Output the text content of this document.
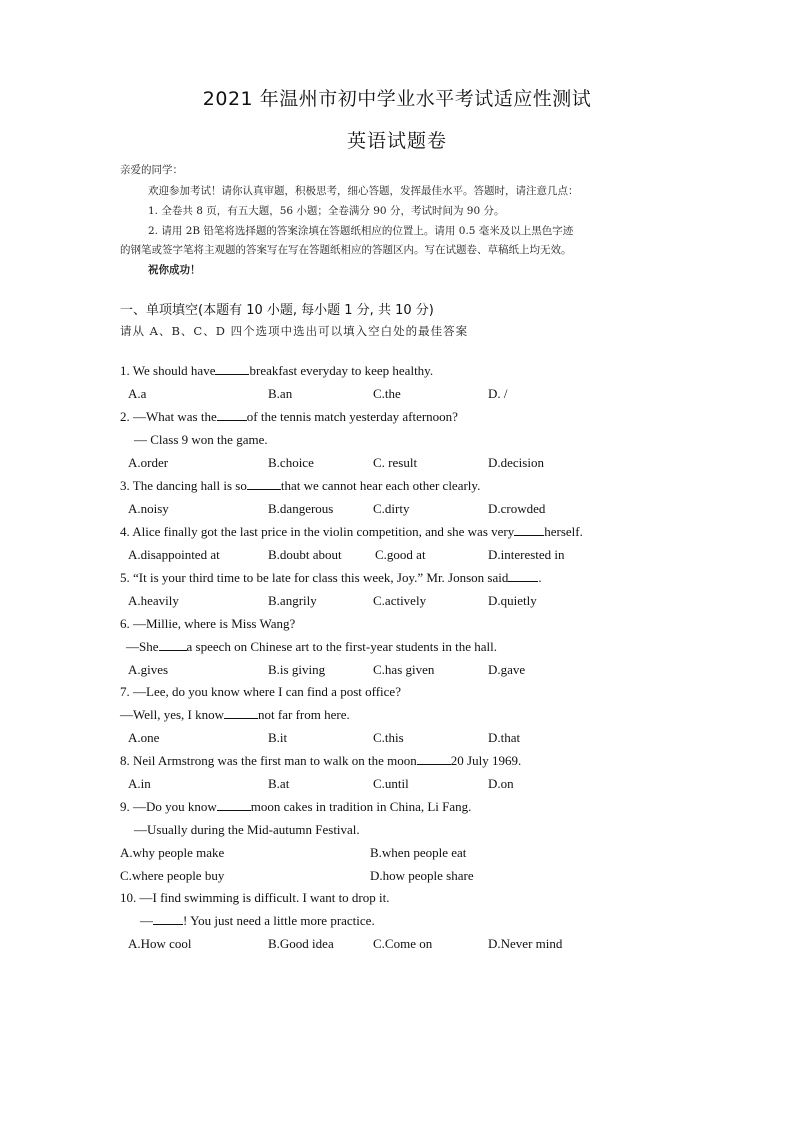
2021 年温州市初中学业水平考试适应性测试
英语试题卷
亲爱的同学：
欢迎参加考试！请你认真审题，积极思考，细心答题，发挥最佳水平。答题时，请注意几点：
1. 全卷共 8 页，有五大题，56 小题；全卷满分 90 分，考试时间为 90 分。
2. 请用 2B 铅笔将选择题的答案涂填在答题纸相应的位置上。请用 0.5 毫米及以上黑色字迹
的钢笔或签字笔将主观题的答案写在写在答题纸相应的答题区内。写在试题卷、草稿纸上均无效。
祝你成功！
一、单项填空(本题有 10 小题, 每小题 1 分, 共 10 分)
请从 A、B、C、D 四个选项中选出可以填入空白处的最佳答案
1. We should have	breakfast everyday to keep healthy.
A.a	B.an	C.the	D. /
2. —What was the of the tennis match yesterday afternoon?
— Class 9 won the game.
A.order	B.choice	C. result	D.decision
3. The dancing hall is so	that we cannot hear each other clearly.
A.noisy	B.dangerous	C.dirty	D.crowded
4. Alice finally got the last price in the violin competition, and she was very herself.
A.disappointed at	B.doubt about	C.good at	D.interested in
5. “It is your third time to be late for class this week, Joy.” Mr. Jonson said .
A.heavily	B.angrily	C.actively	D.quietly
6. —Millie, where is Miss Wang?
—She a speech on Chinese art to the first-year students in the hall.
A.gives	B.is giving	C.has given	D.gave
7. —Lee, do you know where I can find a post office?
—Well, yes, I know	not far from here.
A.one	B.it	C.this	D.that
8. Neil Armstrong was the first man to walk on the moon	20 July 1969.
A.in	B.at	C.until	D.on
9. —Do you know	moon cakes in tradition in China, Li Fang.
—Usually during the Mid-autumn Festival.
A.why people make	B.when people eat
C.where people buy	D.how people share
10. —I find swimming is difficult. I want to drop it.
— ! You just need a little more practice.
A.How cool	B.Good idea	C.Come on	D.Never mind
